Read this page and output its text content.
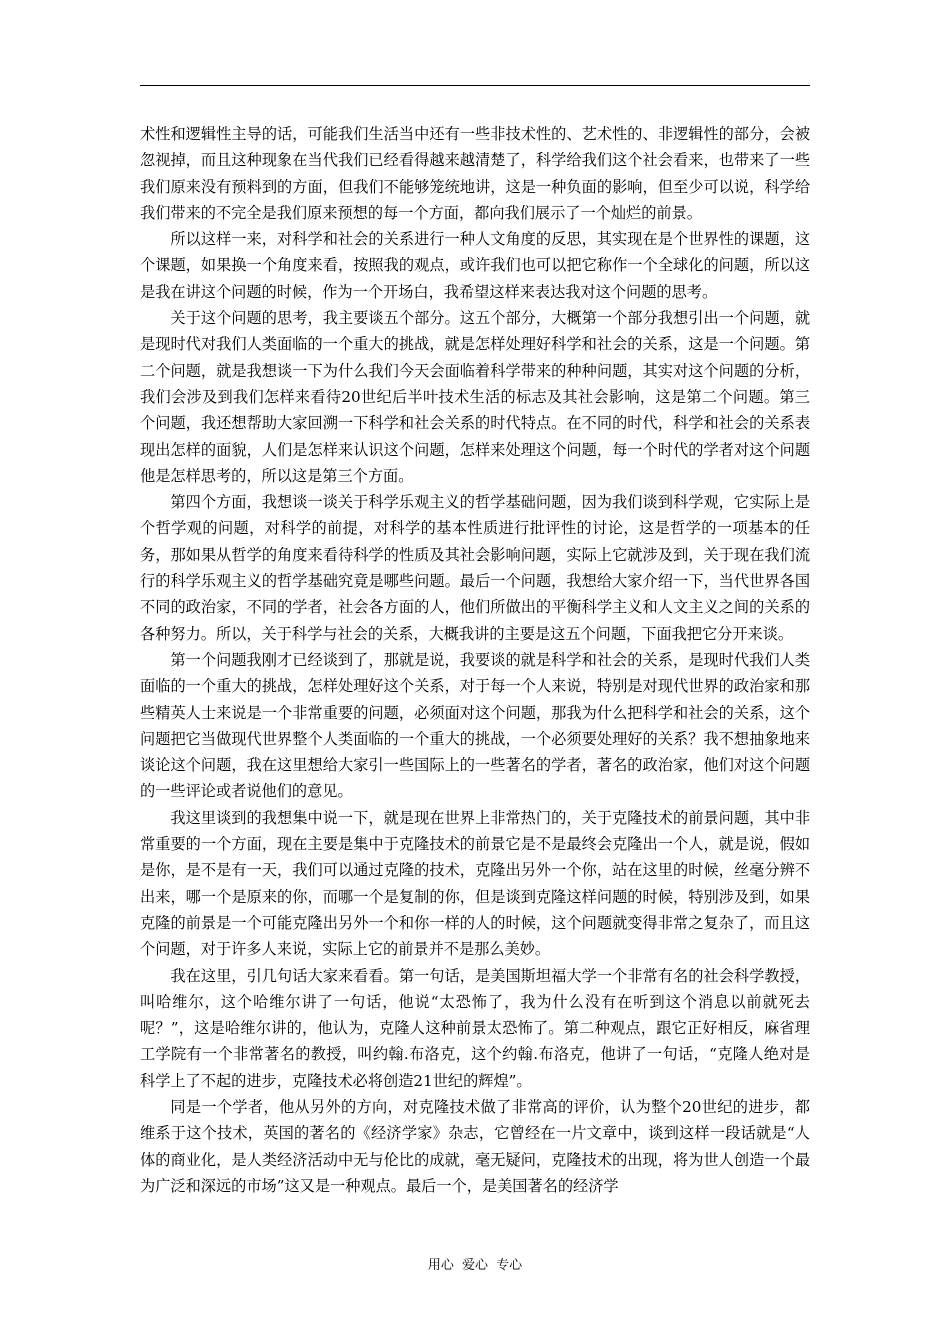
术性和逻辑性主导的话，可能我们生活当中还有一些非技术性的、艺术性的、非逻辑性的部分，会被忽视掉，而且这种现象在当代我们已经看得越来越清楚了，科学给我们这个社会看来，也带来了一些我们原来没有预料到的方面，但我们不能够笼统地讲，这是一种负面的影响，但至少可以说，科学给我们带来的不完全是我们原来预想的每一个方面，都向我们展示了一个灿烂的前景。

所以这样一来，对科学和社会的关系进行一种人文角度的反思，其实现在是个世界性的课题，这个课题，如果换一个角度来看，按照我的观点，或许我们也可以把它称作一个全球化的问题，所以这是我在讲这个问题的时候，作为一个开场白，我希望这样来表达我对这个问题的思考。

关于这个问题的思考，我主要谈五个部分。这五个部分，大概第一个部分我想引出一个问题，就是现时代对我们人类面临的一个重大的挑战，就是怎样处理好科学和社会的关系，这是一个问题。第二个问题，就是我想谈一下为什么我们今天会面临着科学带来的种种问题，其实对这个问题的分析，我们会涉及到我们怎样来看待20世纪后半叶技术生活的标志及其社会影响，这是第二个问题。第三个问题，我还想帮助大家回溯一下科学和社会关系的时代特点。在不同的时代，科学和社会的关系表现出怎样的面貌，人们是怎样来认识这个问题，怎样来处理这个问题，每一个时代的学者对这个问题他是怎样思考的，所以这是第三个方面。

第四个方面，我想谈一谈关于科学乐观主义的哲学基础问题，因为我们谈到科学观，它实际上是个哲学观的问题，对科学的前提，对科学的基本性质进行批评性的讨论，这是哲学的一项基本的任务，那如果从哲学的角度来看待科学的性质及其社会影响问题，实际上它就涉及到，关于现在我们流行的科学乐观主义的哲学基础究竟是哪些问题。最后一个问题，我想给大家介绍一下，当代世界各国不同的政治家，不同的学者，社会各方面的人，他们所做出的平衡科学主义和人文主义之间的关系的各种努力。所以，关于科学与社会的关系，大概我讲的主要是这五个问题，下面我把它分开来谈。

第一个问题我刚才已经谈到了，那就是说，我要谈的就是科学和社会的关系，是现时代我们人类面临的一个重大的挑战，怎样处理好这个关系，对于每一个人来说，特别是对现代世界的政治家和那些精英人士来说是一个非常重要的问题，必须面对这个问题，那我为什么把科学和社会的关系，这个问题把它当做现代世界整个人类面临的一个重大的挑战，一个必须要处理好的关系？我不想抽象地来谈论这个问题，我在这里想给大家引一些国际上的一些著名的学者，著名的政治家，他们对这个问题的一些评论或者说他们的意见。

我这里谈到的我想集中说一下，就是现在世界上非常热门的，关于克隆技术的前景问题，其中非常重要的一个方面，现在主要是集中于克隆技术的前景它是不是最终会克隆出一个人，就是说，假如是你，是不是有一天，我们可以通过克隆的技术，克隆出另外一个你，站在这里的时候，丝毫分辨不出来，哪一个是原来的你，而哪一个是复制的你，但是谈到克隆这样问题的时候，特别涉及到，如果克隆的前景是一个可能克隆出另外一个和你一样的人的时候，这个问题就变得非常之复杂了，而且这个问题，对于许多人来说，实际上它的前景并不是那么美妙。

我在这里，引几句话大家来看看。第一句话，是美国斯坦福大学一个非常有名的社会科学教授，叫哈维尔，这个哈维尔讲了一句话，他说“太恐怖了，我为什么没有在听到这个消息以前就死去呢？”，这是哈维尔讲的，他认为，克隆人这种前景太恐怖了。第二种观点，跟它正好相反，麻省理工学院有一个非常著名的教授，叫约翰.布洛克，这个约翰.布洛克，他讲了一句话，“克隆人绝对是科学上了不起的进步，克隆技术必将创造21世纪的辉煌”。

同是一个学者，他从另外的方向，对克隆技术做了非常高的评价，认为整个20世纪的进步，都维系于这个技术，英国的著名的《经济学家》杂志，它曾经在一片文章中，谈到这样一段话就是“人体的商业化，是人类经济活动中无与伦比的成就，毫无疑问，克隆技术的出现，将为世人创造一个最为广泛和深远的市场”这又是一种观点。最后一个，是美国著名的经济学

用心 爱心 专心
